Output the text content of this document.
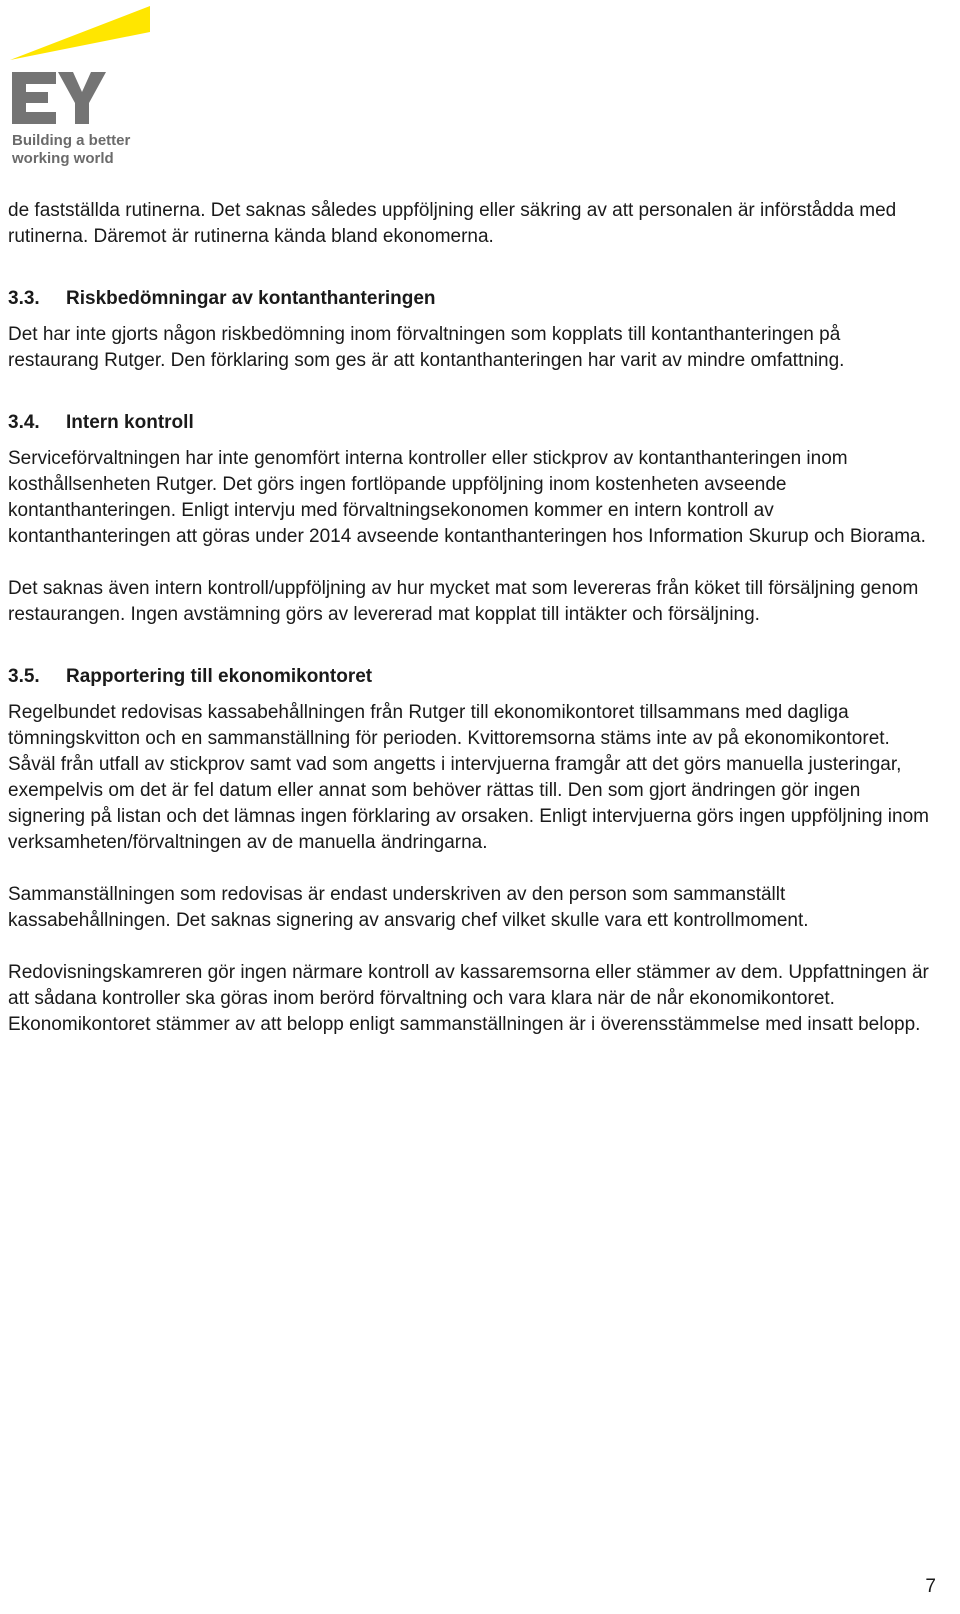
Building a better
working world

de fastställda rutinerna. Det saknas således uppföljning eller säkring av att personalen är införstådda med rutinerna. Däremot är rutinerna kända bland ekonomerna.

3.3.	Riskbedömningar av kontanthanteringen

Det har inte gjorts någon riskbedömning inom förvaltningen som kopplats till kontanthanteringen på restaurang Rutger. Den förklaring som ges är att kontanthanteringen har varit av mindre omfattning.

3.4.	Intern kontroll

Serviceförvaltningen har inte genomfört interna kontroller eller stickprov av kontanthanteringen inom kosthållsenheten Rutger. Det görs ingen fortlöpande uppföljning inom kostenheten avseende kontanthanteringen. Enligt intervju med förvaltningsekonomen kommer en intern kontroll av kontanthanteringen att göras under 2014 avseende kontanthanteringen hos Information Skurup och Biorama.

Det saknas även intern kontroll/uppföljning av hur mycket mat som levereras från köket till försäljning genom restaurangen. Ingen avstämning görs av levererad mat kopplat till intäkter och försäljning.

3.5.	Rapportering till ekonomikontoret

Regelbundet redovisas kassabehållningen från Rutger till ekonomikontoret tillsammans med dagliga tömningskvitton och en sammanställning för perioden. Kvittoremsorna stäms inte av på ekonomikontoret. Såväl från utfall av stickprov samt vad som angetts i intervjuerna framgår att det görs manuella justeringar, exempelvis om det är fel datum eller annat som behöver rättas till. Den som gjort ändringen gör ingen signering på listan och det lämnas ingen förklaring av orsaken. Enligt intervjuerna görs ingen uppföljning inom verksamheten/förvaltningen av de manuella ändringarna.

Sammanställningen som redovisas är endast underskriven av den person som sammanställt kassabehållningen. Det saknas signering av ansvarig chef vilket skulle vara ett kontrollmoment.

Redovisningskamreren gör ingen närmare kontroll av kassaremsorna eller stämmer av dem. Uppfattningen är att sådana kontroller ska göras inom berörd förvaltning och vara klara när de når ekonomikontoret. Ekonomikontoret stämmer av att belopp enligt sammanställningen är i överensstämmelse med insatt belopp.

7
